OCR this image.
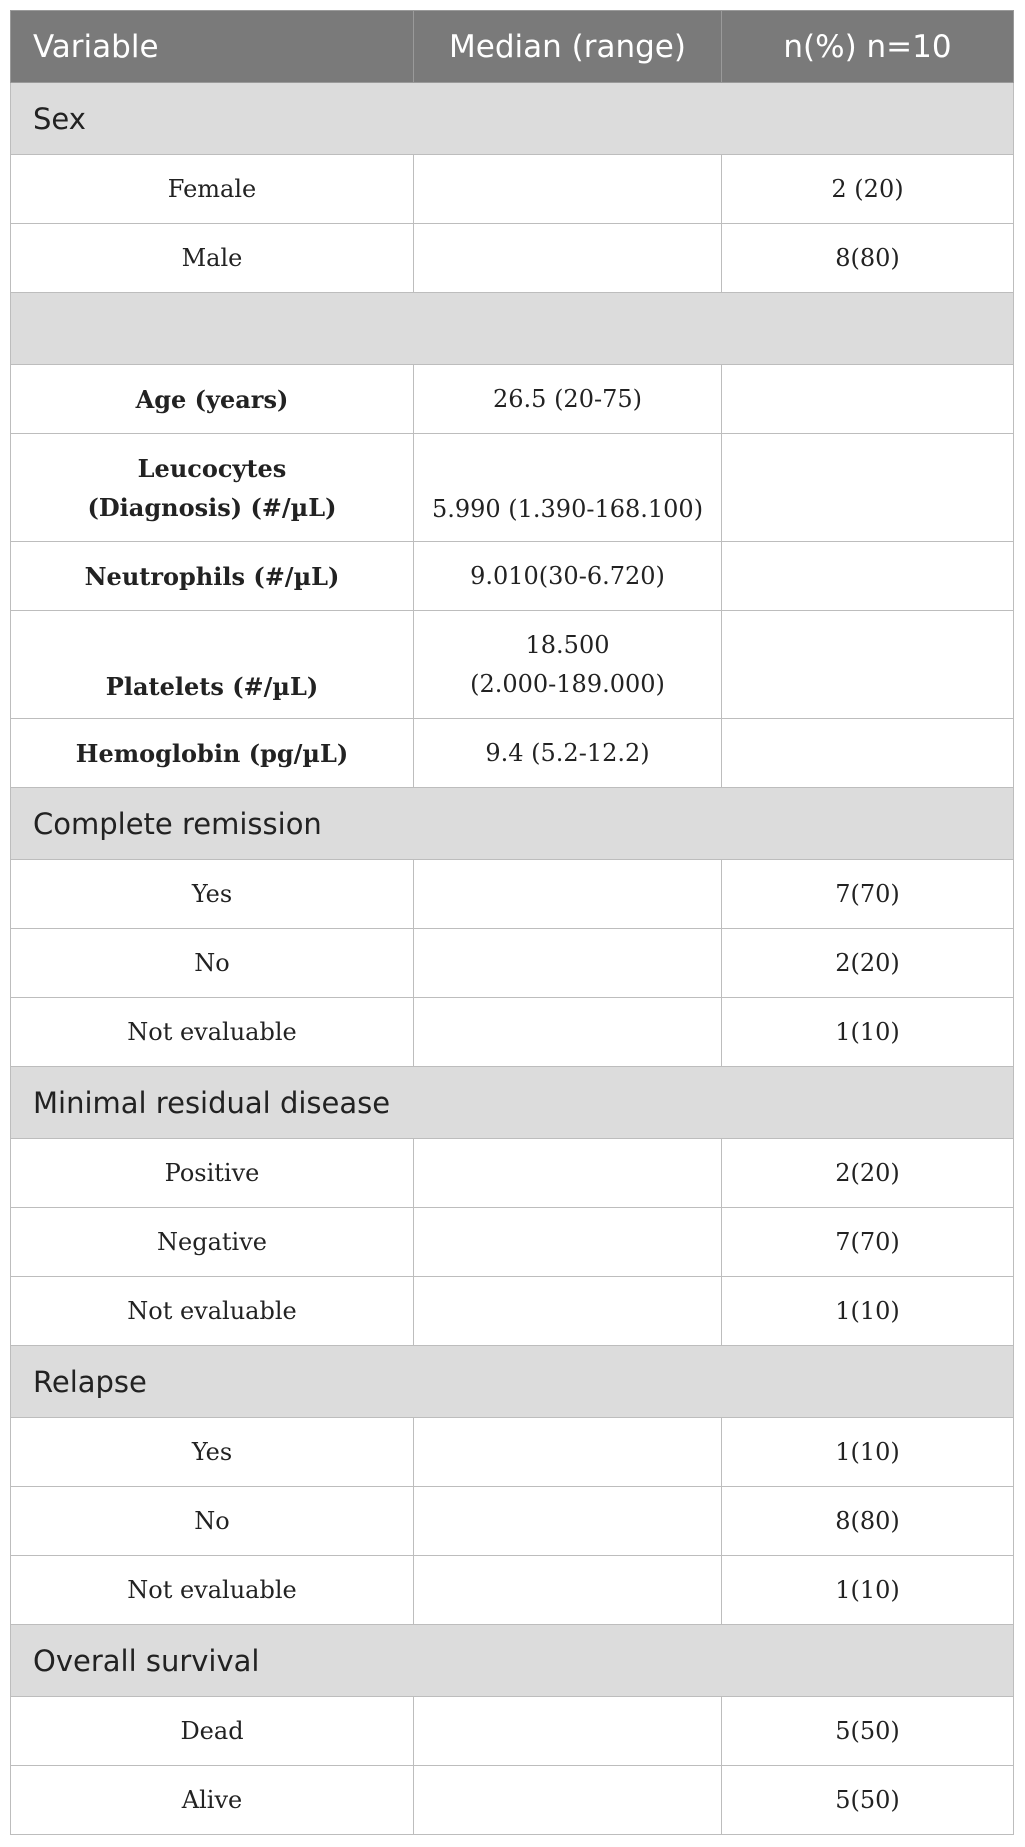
Variable	Median (range)	n(%) n=10
Sex		
Female		2 (20)
Male		8(80)

Age (years)	26.5 (20-75)	

Leucocytes
(Diagnosis) (#/µL)	5.990 (1.390-168.100)	

Neutrophils (#/µL)	9.010(30-6.720)	

Platelets (#/µL)	18.500
(2.000-189.000)	

Hemoglobin (pg/µL)	9.4 (5.2-12.2)	
Complete remission		
Yes		7(70)
No		2(20)
Not evaluable		1(10)
Minimal residual disease		
Positive		2(20)
Negative		7(70)
Not evaluable		1(10)
Relapse		
Yes		1(10)
No		8(80)
Not evaluable		1(10)
Overall survival		
Dead		5(50)
Alive		5(50)
